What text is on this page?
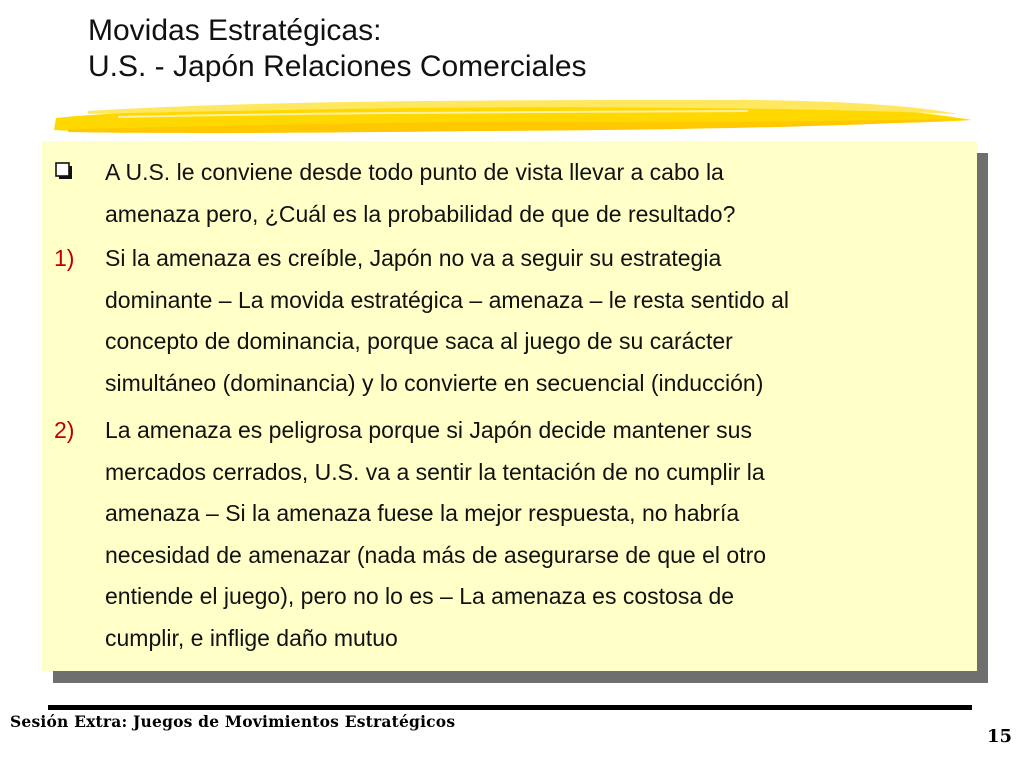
Movidas Estratégicas:
U.S. - Japón Relaciones Comerciales
A U.S. le conviene desde todo punto de vista llevar a cabo la
amenaza pero, ¿Cuál es la probabilidad de que de resultado?
1)	Si la amenaza es creíble, Japón no va a seguir su estrategia
dominante – La movida estratégica – amenaza – le resta sentido al
concepto de dominancia, porque saca al juego de su carácter
simultáneo (dominancia) y lo convierte en secuencial (inducción)
2)	La amenaza es peligrosa porque si Japón decide mantener sus
mercados cerrados, U.S. va a sentir la tentación de no cumplir la
amenaza – Si la amenaza fuese la mejor respuesta, no habría
necesidad de amenazar (nada más de asegurarse de que el otro
entiende el juego), pero no lo es – La amenaza es costosa de
cumplir, e inflige daño mutuo
Sesión Extra: Juegos de Movimientos Estratégicos
15
